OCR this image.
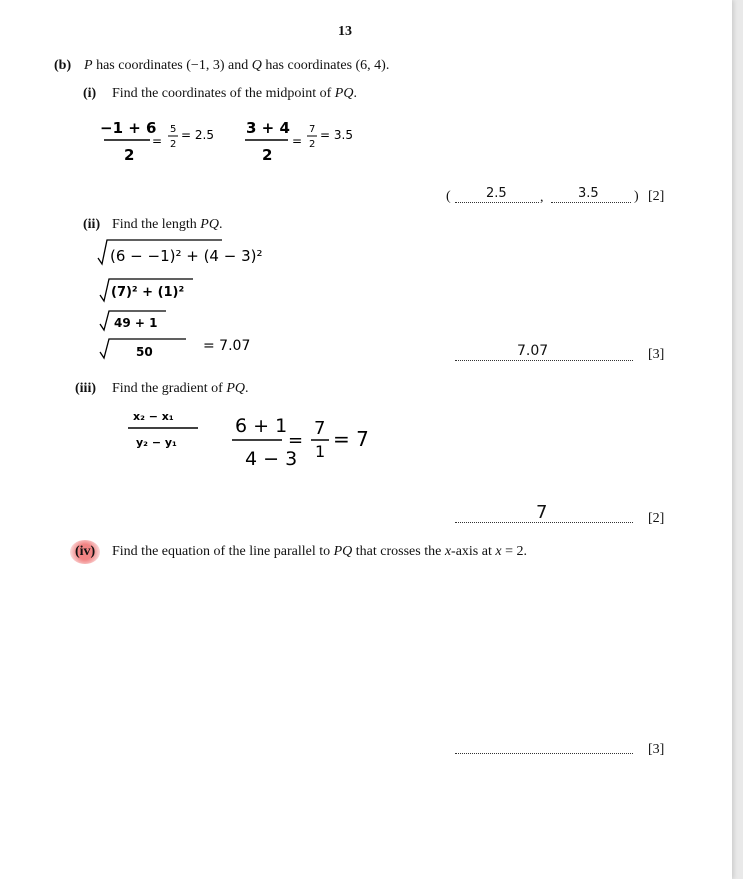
13
(b) P has coordinates (−1, 3) and Q has coordinates (6, 4).
(i) Find the coordinates of the midpoint of PQ.
−1 + 6
2
=
5
2
= 2.5 3 + 4
2
=
7
2
= 3.5
(	2.5 ,	3.5	) [2]
(ii) Find the length PQ.
(6 − −1)² + (4 − 3)²
(7)² + (1)²
49 + 1
50	= 7.07	7.07	[3]
(iii) Find the gradient of PQ.
x₂ − x₁
y₂ − y₁
6 + 1
4 − 3
=
7
1
= 7
7	[2]
(iv) Find the equation of the line parallel to PQ that crosses the x-axis at x = 2.
[3]
